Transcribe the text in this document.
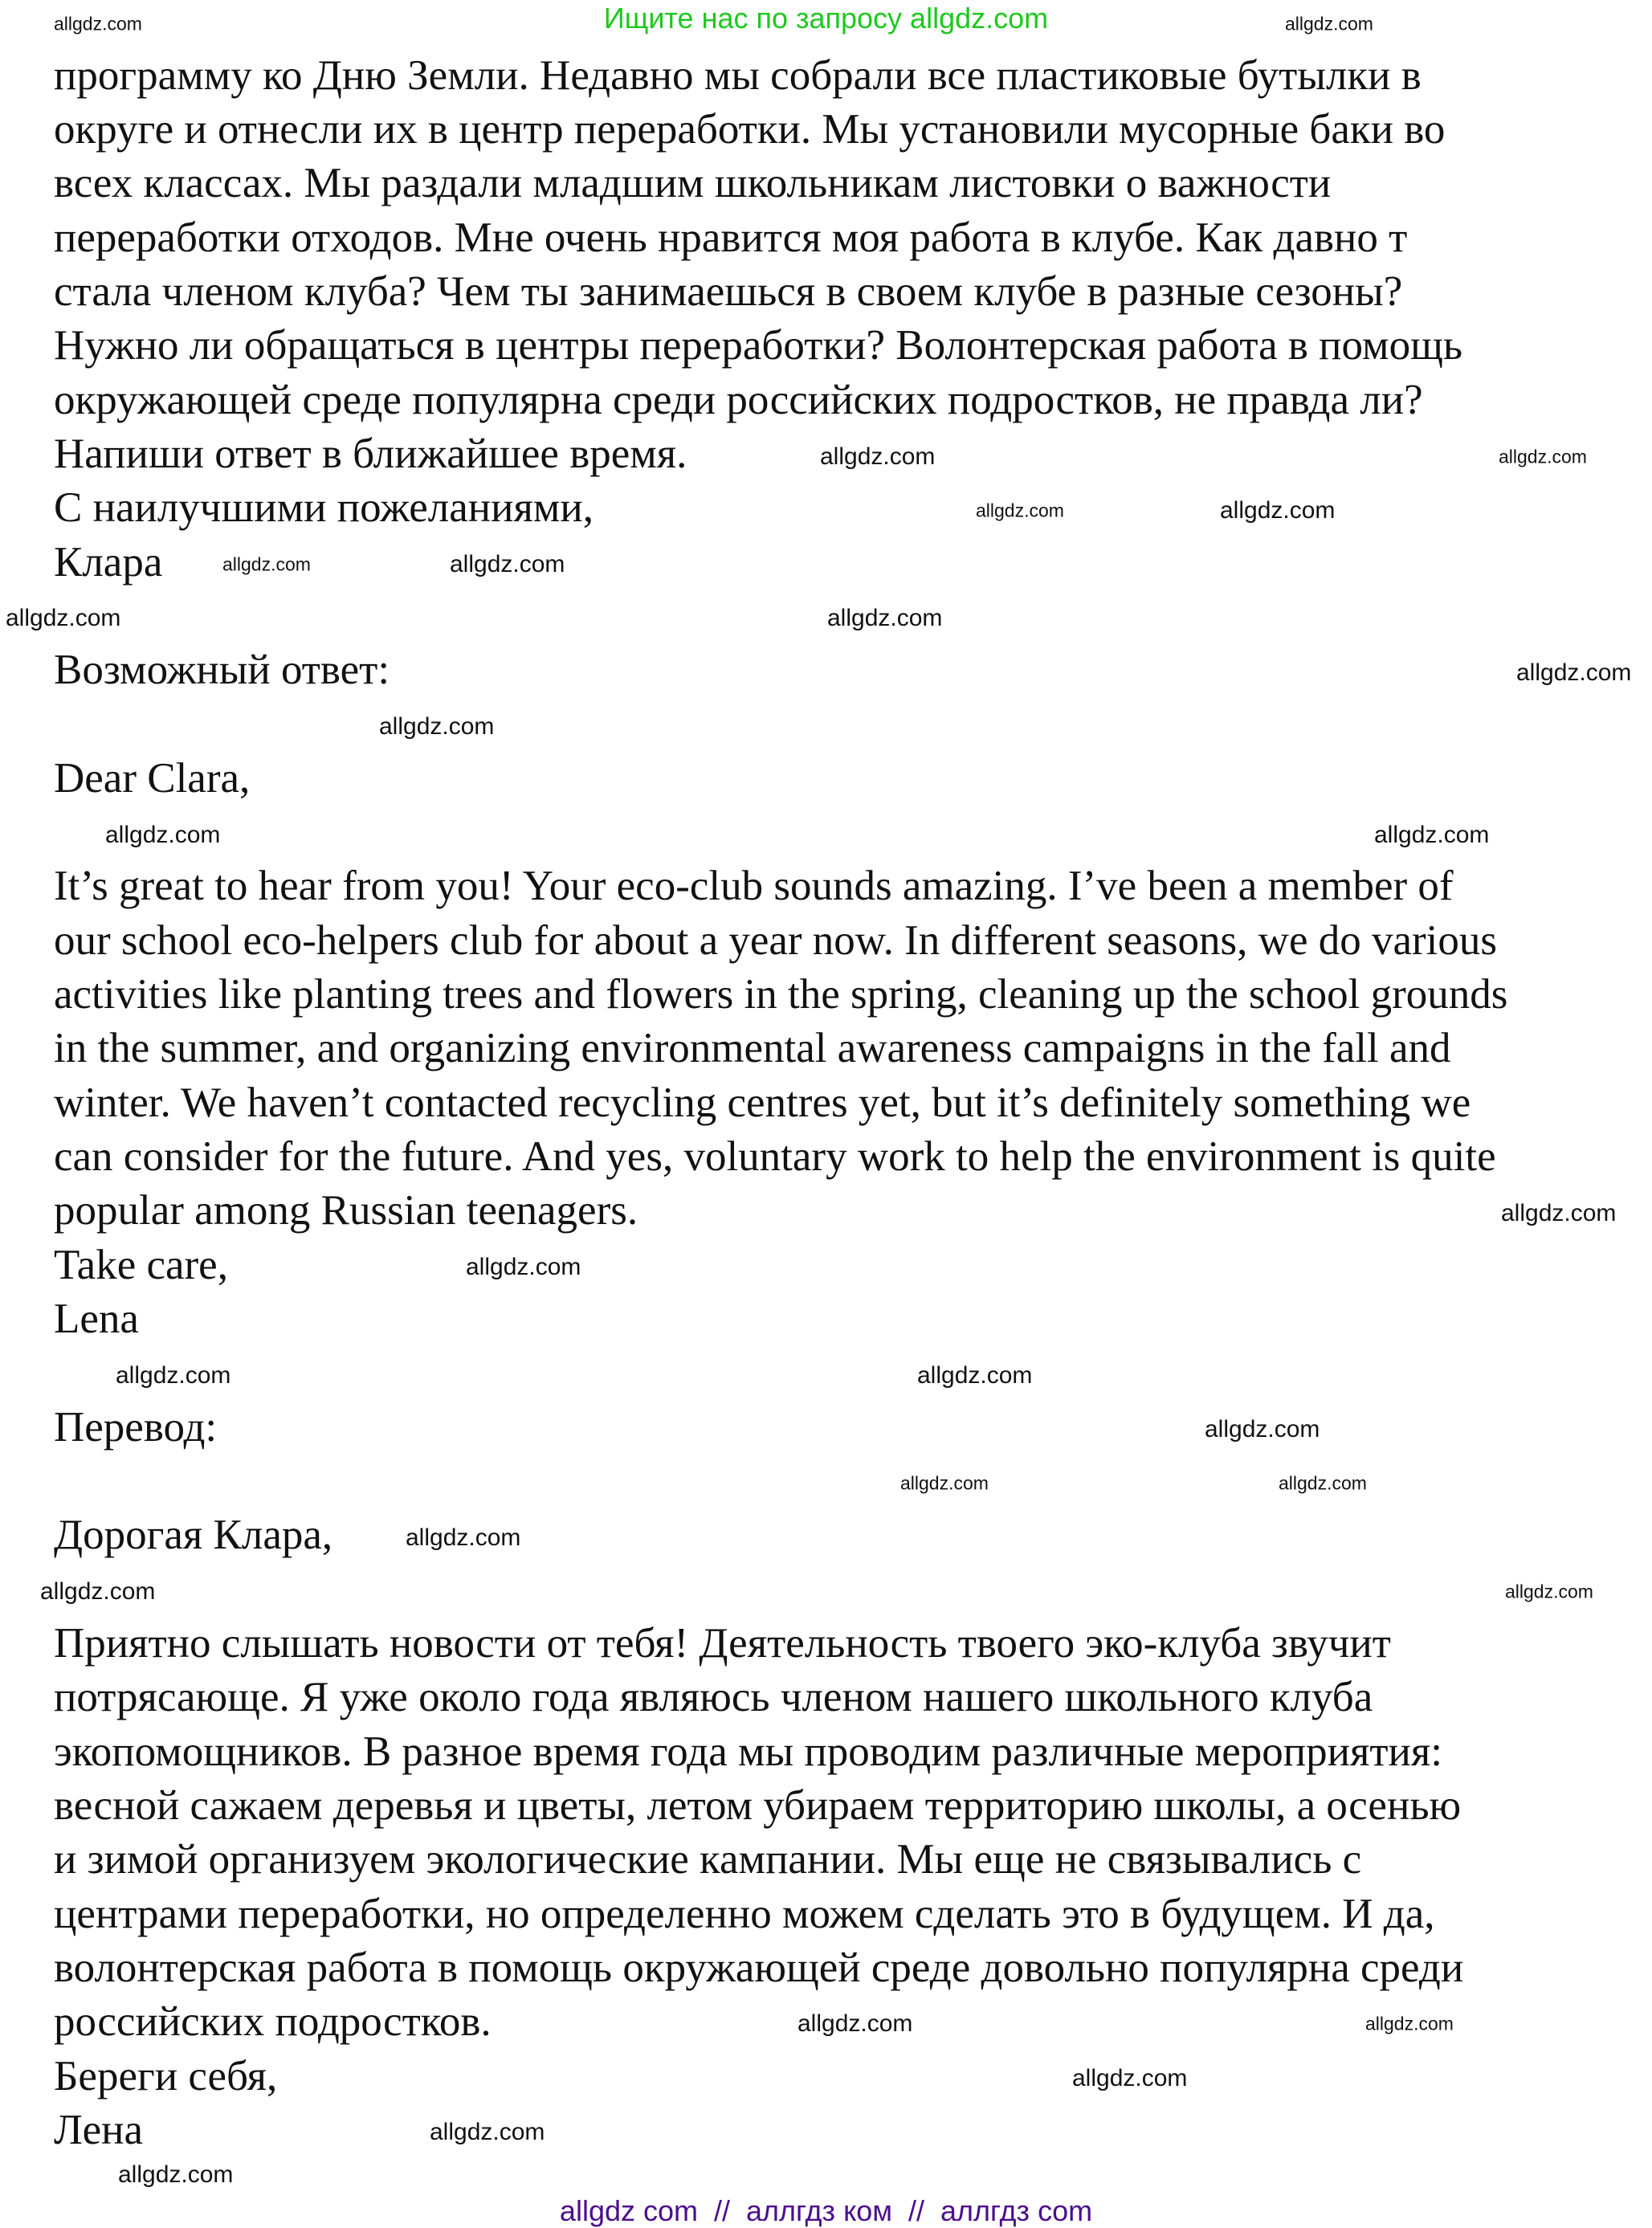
Ищите нас по запросу allgdz.com
программу ко Дню Земли. Недавно мы собрали все пластиковые бутылки в
округе и отнесли их в центр переработки. Мы установили мусорные баки во
всех классах. Мы раздали младшим школьникам листовки о важности
переработки отходов. Мне очень нравится моя работа в клубе. Как давно т
стала членом клуба? Чем ты занимаешься в своем клубе в разные сезоны?
Нужно ли обращаться в центры переработки? Волонтерская работа в помощь
окружающей среде популярна среди российских подростков, не правда ли?
Напиши ответ в ближайшее время.
С наилучшими пожеланиями,
Клара
Возможный ответ:
Dear Clara,
It’s great to hear from you! Your eco-club sounds amazing. I’ve been a member of
our school eco-helpers club for about a year now. In different seasons, we do various
activities like planting trees and flowers in the spring, cleaning up the school grounds
in the summer, and organizing environmental awareness campaigns in the fall and
winter. We haven’t contacted recycling centres yet, but it’s definitely something we
can consider for the future. And yes, voluntary work to help the environment is quite
popular among Russian teenagers.
Take care,
Lena
Перевод:
Дорогая Клара,
Приятно слышать новости от тебя! Деятельность твоего эко-клуба звучит
потрясающе. Я уже около года являюсь членом нашего школьного клуба
экопомощников. В разное время года мы проводим различные мероприятия:
весной сажаем деревья и цветы, летом убираем территорию школы, а осенью
и зимой организуем экологические кампании. Мы еще не связывались с
центрами переработки, но определенно можем сделать это в будущем. И да,
волонтерская работа в помощь окружающей среде довольно популярна среди
российских подростков.
Береги себя,
Лена
allgdz.com	allgdz.com
allgdz.com
allgdz.com
allgdz.com
allgdz.com
allgdz.com
allgdz.com
allgdz.com
allgdz.com
allgdz.com
allgdz.com
allgdz.com	allgdz.com
allgdz.com
allgdz.com
allgdz.com	allgdz.com
allgdz.com
allgdz.com
allgdz.com
allgdz.com	allgdz.com
allgdz.com
allgdz.com
allgdz.com
allgdz.com
allgdz.com
allgdz.com
allgdz com  //  аллгдз ком  //  аллгдз com
